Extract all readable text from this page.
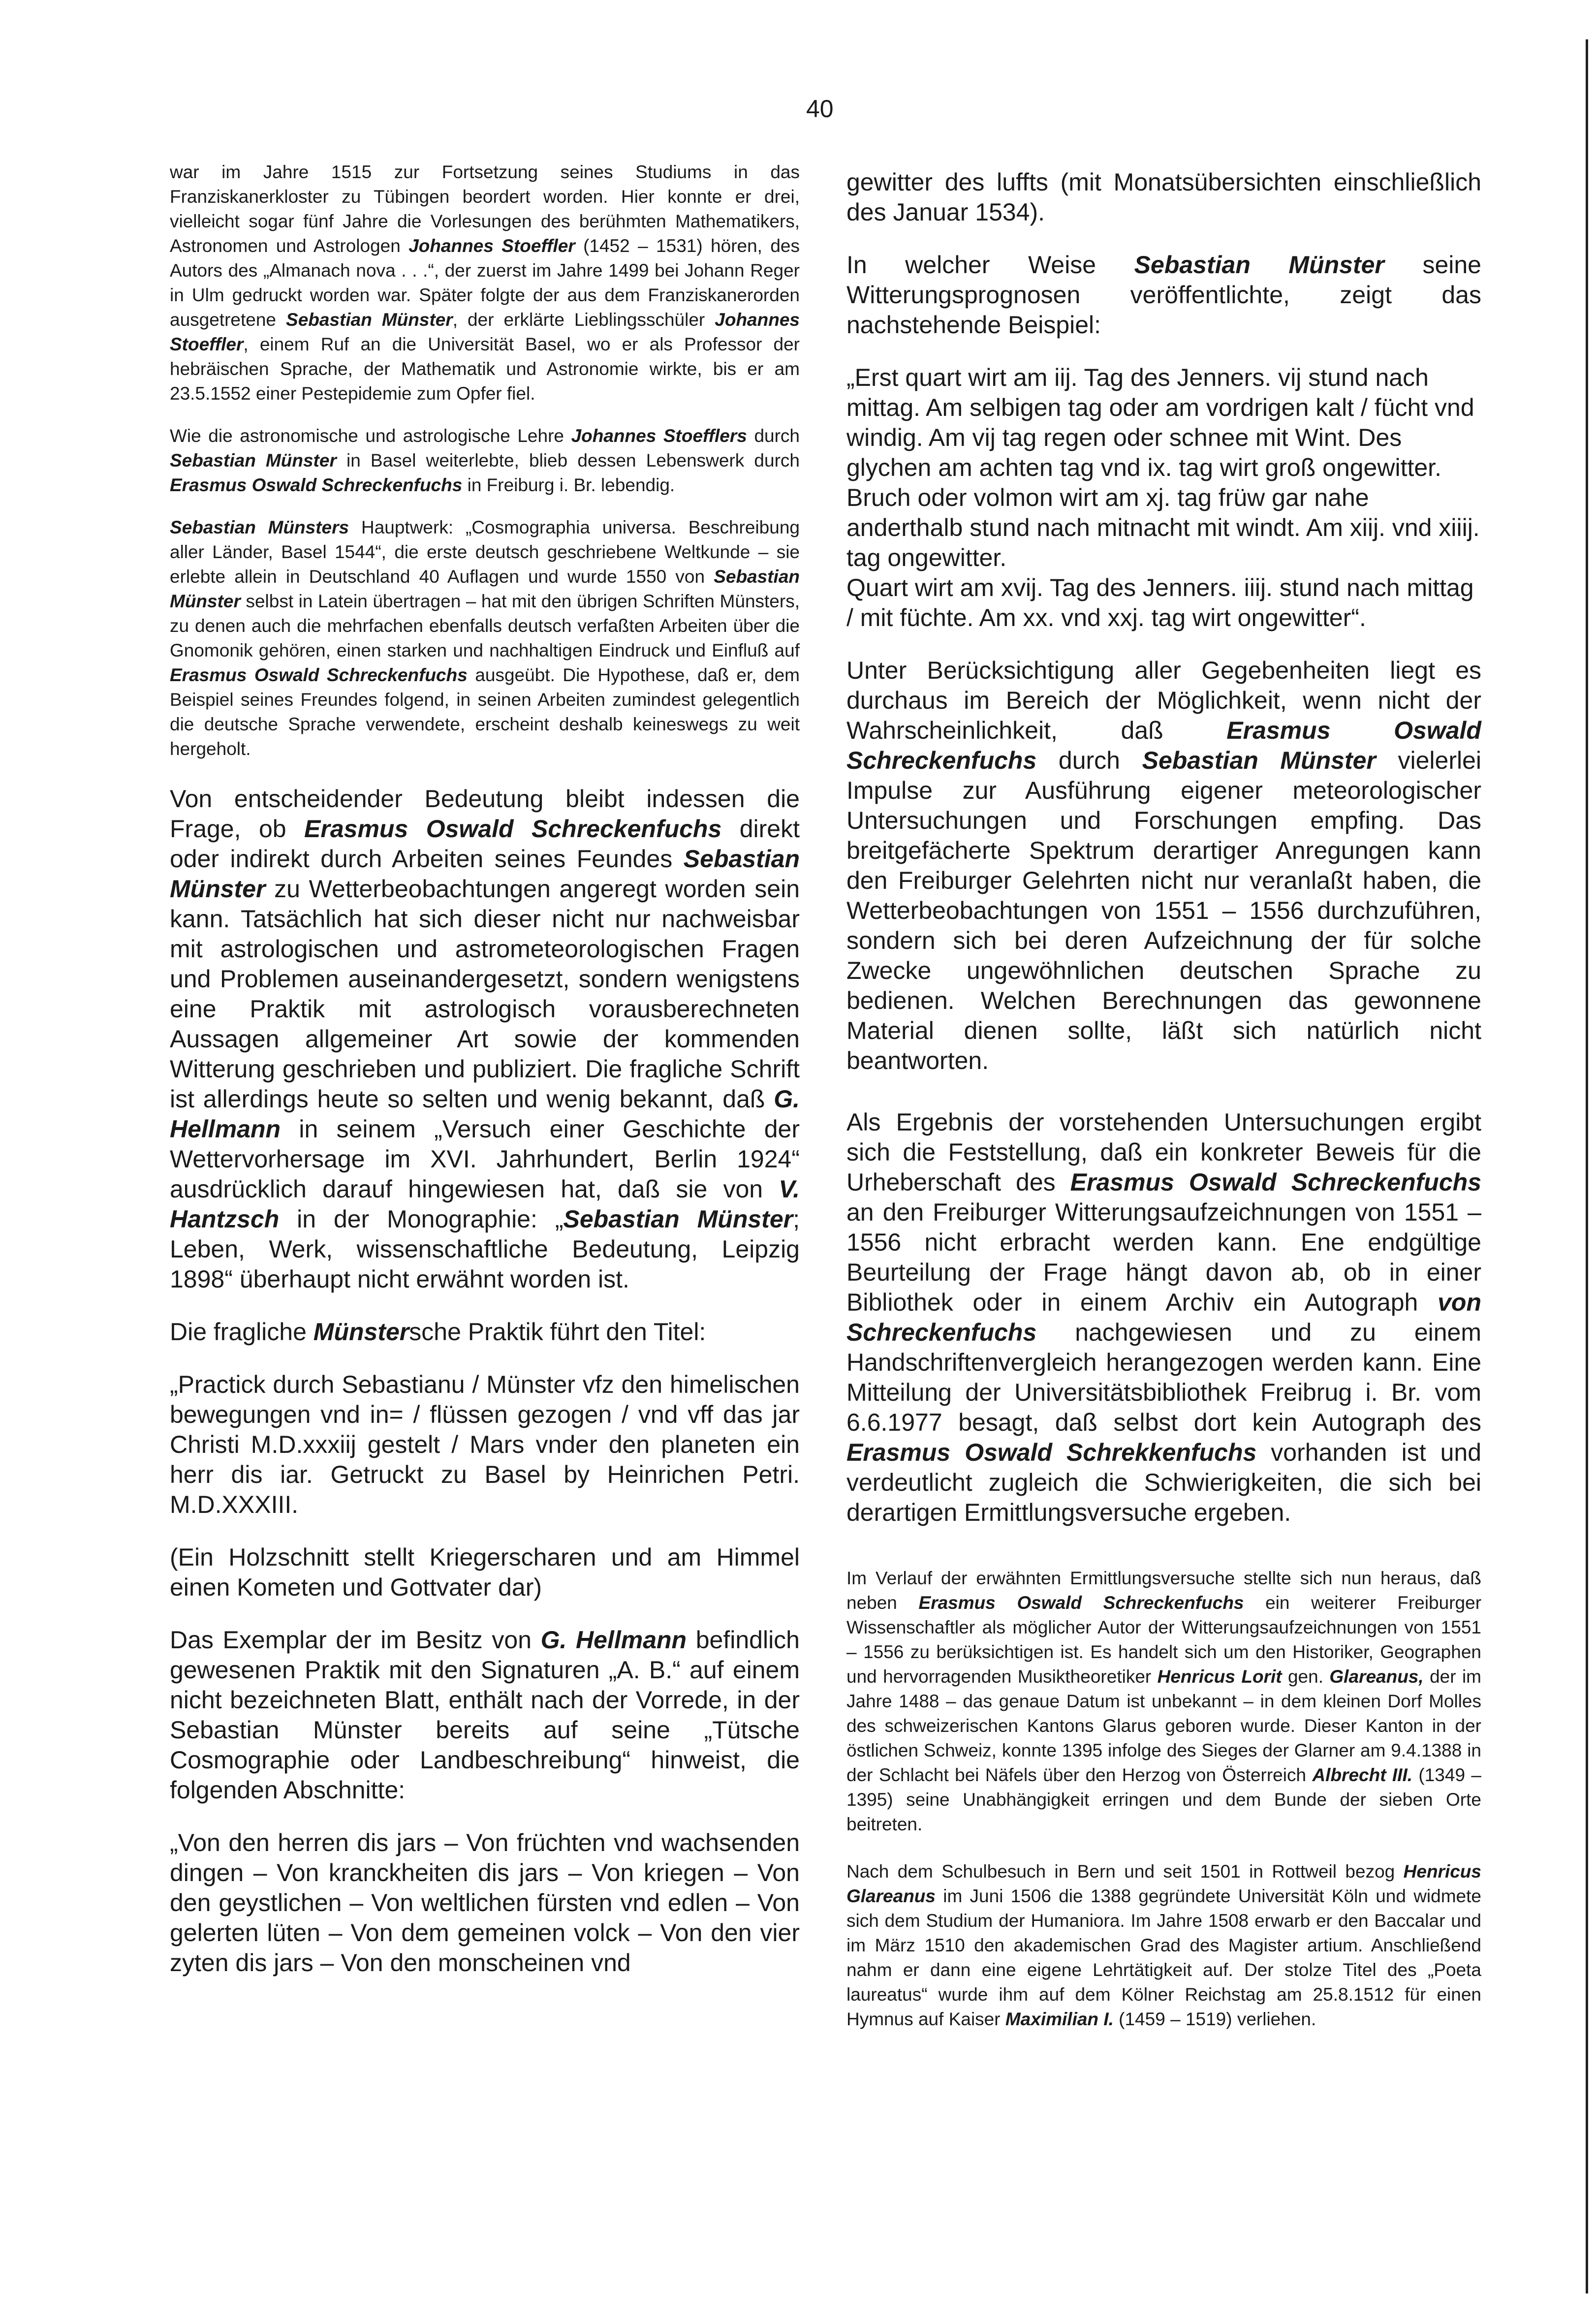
40

war im Jahre 1515 zur Fortsetzung seines Studiums in das Franziskanerkloster zu Tübingen beordert worden. Hier konnte er drei, vielleicht sogar fünf Jahre die Vorlesungen des berühmten Mathematikers, Astronomen und Astrologen Johannes Stoeffler (1452 – 1531) hören, des Autors des „Almanach nova . . .“, der zuerst im Jahre 1499 bei Johann Reger in Ulm gedruckt worden war. Später folgte der aus dem Franziskanerorden ausgetretene Sebastian Münster, der erklärte Lieblingsschüler Johannes Stoeffler, einem Ruf an die Universität Basel, wo er als Professor der hebräischen Sprache, der Mathematik und Astronomie wirkte, bis er am 23.5.1552 einer Pestepidemie zum Opfer fiel.

Wie die astronomische und astrologische Lehre Johannes Stoefflers durch Sebastian Münster in Basel weiterlebte, blieb dessen Lebenswerk durch Erasmus Oswald Schreckenfuchs in Freiburg i. Br. lebendig.

Sebastian Münsters Hauptwerk: „Cosmographia universa. Beschreibung aller Länder, Basel 1544“, die erste deutsch geschriebene Weltkunde – sie erlebte allein in Deutschland 40 Auflagen und wurde 1550 von Sebastian Münster selbst in Latein übertragen – hat mit den übrigen Schriften Münsters, zu denen auch die mehrfachen ebenfalls deutsch verfaßten Arbeiten über die Gnomonik gehören, einen starken und nachhaltigen Eindruck und Einfluß auf Erasmus Oswald Schreckenfuchs ausgeübt. Die Hypothese, daß er, dem Beispiel seines Freundes folgend, in seinen Arbeiten zumindest gelegentlich die deutsche Sprache verwendete, erscheint deshalb keineswegs zu weit hergeholt.

Von entscheidender Bedeutung bleibt indessen die Frage, ob Erasmus Oswald Schreckenfuchs direkt oder indirekt durch Arbeiten seines Feundes Sebastian Münster zu Wetterbeobachtungen angeregt worden sein kann. Tatsächlich hat sich dieser nicht nur nachweisbar mit astrologischen und astrometeorologischen Fragen und Problemen auseinandergesetzt, sondern wenigstens eine Praktik mit astrologisch vorausberechneten Aussagen allgemeiner Art sowie der kommenden Witterung geschrieben und publiziert. Die fragliche Schrift ist allerdings heute so selten und wenig bekannt, daß G. Hellmann in seinem „Versuch einer Geschichte der Wettervorhersage im XVI. Jahrhundert, Berlin 1924“ ausdrücklich darauf hingewiesen hat, daß sie von V. Hantzsch in der Monographie: „Sebastian Münster; Leben, Werk, wissenschaftliche Bedeutung, Leipzig 1898“ überhaupt nicht erwähnt worden ist.

Die fragliche Münstersche Praktik führt den Titel:

„Practick durch Sebastianu / Münster vfz den himelischen bewegungen vnd in= / flüssen gezogen / vnd vff das jar Christi M.D.xxxiij gestelt / Mars vnder den planeten ein herr dis iar. Getruckt zu Basel by Heinrichen Petri. M.D.XXXIII.

(Ein Holzschnitt stellt Kriegerscharen und am Himmel einen Kometen und Gottvater dar)

Das Exemplar der im Besitz von G. Hellmann befindlich gewesenen Praktik mit den Signaturen „A. B.“ auf einem nicht bezeichneten Blatt, enthält nach der Vorrede, in der Sebastian Münster bereits auf seine „Tütsche Cosmographie oder Landbeschreibung“ hinweist, die folgenden Abschnitte:

„Von den herren dis jars – Von früchten vnd wachsenden dingen – Von kranckheiten dis jars – Von kriegen – Von den geystlichen – Von weltlichen fürsten vnd edlen – Von gelerten lüten – Von dem gemeinen volck – Von den vier zyten dis jars – Von den monscheinen vnd

gewitter des luffts (mit Monatsübersichten einschließlich des Januar 1534).

In welcher Weise Sebastian Münster seine Witterungsprognosen veröffentlichte, zeigt das nachstehende Beispiel:

„Erst quart wirt am iij. Tag des Jenners. vij stund nach mittag. Am selbigen tag oder am vordrigen kalt / fücht vnd windig. Am vij tag regen oder schnee mit Wint. Des glychen am achten tag vnd ix. tag wirt groß ongewitter. Bruch oder volmon wirt am xj. tag früw gar nahe anderthalb stund nach mitnacht mit windt. Am xiij. vnd xiiij. tag ongewitter.
Quart wirt am xvij. Tag des Jenners. iiij. stund nach mittag / mit füchte. Am xx. vnd xxj. tag wirt ongewitter“.

Unter Berücksichtigung aller Gegebenheiten liegt es durchaus im Bereich der Möglichkeit, wenn nicht der Wahrscheinlichkeit, daß Erasmus Oswald Schreckenfuchs durch Sebastian Münster vielerlei Impulse zur Ausführung eigener meteorologischer Untersuchungen und Forschungen empfing. Das breitgefächerte Spektrum derartiger Anregungen kann den Freiburger Gelehrten nicht nur veranlaßt haben, die Wetterbeobachtungen von 1551 – 1556 durchzuführen, sondern sich bei deren Aufzeichnung der für solche Zwecke ungewöhnlichen deutschen Sprache zu bedienen. Welchen Berechnungen das gewonnene Material dienen sollte, läßt sich natürlich nicht beantworten.

Als Ergebnis der vorstehenden Untersuchungen ergibt sich die Feststellung, daß ein konkreter Beweis für die Urheberschaft des Erasmus Oswald Schreckenfuchs an den Freiburger Witterungsaufzeichnungen von 1551 – 1556 nicht erbracht werden kann. Ene endgültige Beurteilung der Frage hängt davon ab, ob in einer Bibliothek oder in einem Archiv ein Autograph von Schreckenfuchs nachgewiesen und zu einem Handschriftenvergleich herangezogen werden kann. Eine Mitteilung der Universitätsbibliothek Freibrug i. Br. vom 6.6.1977 besagt, daß selbst dort kein Autograph des Erasmus Oswald Schrekkenfuchs vorhanden ist und verdeutlicht zugleich die Schwierigkeiten, die sich bei derartigen Ermittlungsversuche ergeben.

Im Verlauf der erwähnten Ermittlungsversuche stellte sich nun heraus, daß neben Erasmus Oswald Schreckenfuchs ein weiterer Freiburger Wissenschaftler als möglicher Autor der Witterungsaufzeichnungen von 1551 – 1556 zu berüksichtigen ist. Es handelt sich um den Historiker, Geographen und hervorragenden Musiktheoretiker Henricus Lorit gen. Glareanus, der im Jahre 1488 – das genaue Datum ist unbekannt – in dem kleinen Dorf Molles des schweizerischen Kantons Glarus geboren wurde. Dieser Kanton in der östlichen Schweiz, konnte 1395 infolge des Sieges der Glarner am 9.4.1388 in der Schlacht bei Näfels über den Herzog von Österreich Albrecht III. (1349 – 1395) seine Unabhängigkeit erringen und dem Bunde der sieben Orte beitreten.

Nach dem Schulbesuch in Bern und seit 1501 in Rottweil bezog Henricus Glareanus im Juni 1506 die 1388 gegründete Universität Köln und widmete sich dem Studium der Humaniora. Im Jahre 1508 erwarb er den Baccalar und im März 1510 den akademischen Grad des Magister artium. Anschließend nahm er dann eine eigene Lehrtätigkeit auf. Der stolze Titel des „Poeta laureatus“ wurde ihm auf dem Kölner Reichstag am 25.8.1512 für einen Hymnus auf Kaiser Maximilian I. (1459 – 1519) verliehen.
